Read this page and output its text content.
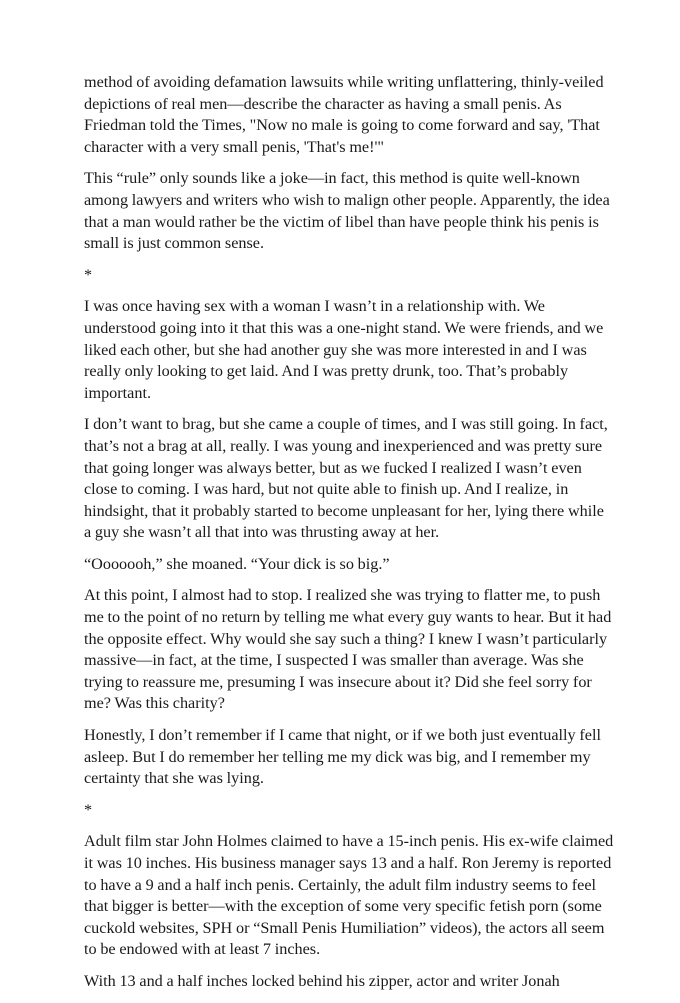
method of avoiding defamation lawsuits while writing unflattering, thinly-veiled depictions of real men—describe the character as having a small penis. As Friedman told the Times, "Now no male is going to come forward and say, 'That character with a very small penis, 'That's me!'"

This “rule” only sounds like a joke—in fact, this method is quite well-known among lawyers and writers who wish to malign other people. Apparently, the idea that a man would rather be the victim of libel than have people think his penis is small is just common sense.

*

I was once having sex with a woman I wasn’t in a relationship with. We understood going into it that this was a one-night stand. We were friends, and we liked each other, but she had another guy she was more interested in and I was really only looking to get laid. And I was pretty drunk, too. That’s probably important.

I don’t want to brag, but she came a couple of times, and I was still going. In fact, that’s not a brag at all, really. I was young and inexperienced and was pretty sure that going longer was always better, but as we fucked I realized I wasn’t even close to coming. I was hard, but not quite able to finish up. And I realize, in hindsight, that it probably started to become unpleasant for her, lying there while a guy she wasn’t all that into was thrusting away at her.

“Ooooooh,” she moaned. “Your dick is so big.”

At this point, I almost had to stop. I realized she was trying to flatter me, to push me to the point of no return by telling me what every guy wants to hear. But it had the opposite effect. Why would she say such a thing? I knew I wasn’t particularly massive—in fact, at the time, I suspected I was smaller than average. Was she trying to reassure me, presuming I was insecure about it? Did she feel sorry for me? Was this charity?

Honestly, I don’t remember if I came that night, or if we both just eventually fell asleep. But I do remember her telling me my dick was big, and I remember my certainty that she was lying.

*

Adult film star John Holmes claimed to have a 15-inch penis. His ex-wife claimed it was 10 inches. His business manager says 13 and a half. Ron Jeremy is reported to have a 9 and a half inch penis. Certainly, the adult film industry seems to feel that bigger is better—with the exception of some very specific fetish porn (some cuckold websites, SPH or “Small Penis Humiliation” videos), the actors all seem to be endowed with at least 7 inches.

With 13 and a half inches locked behind his zipper, actor and writer Jonah
